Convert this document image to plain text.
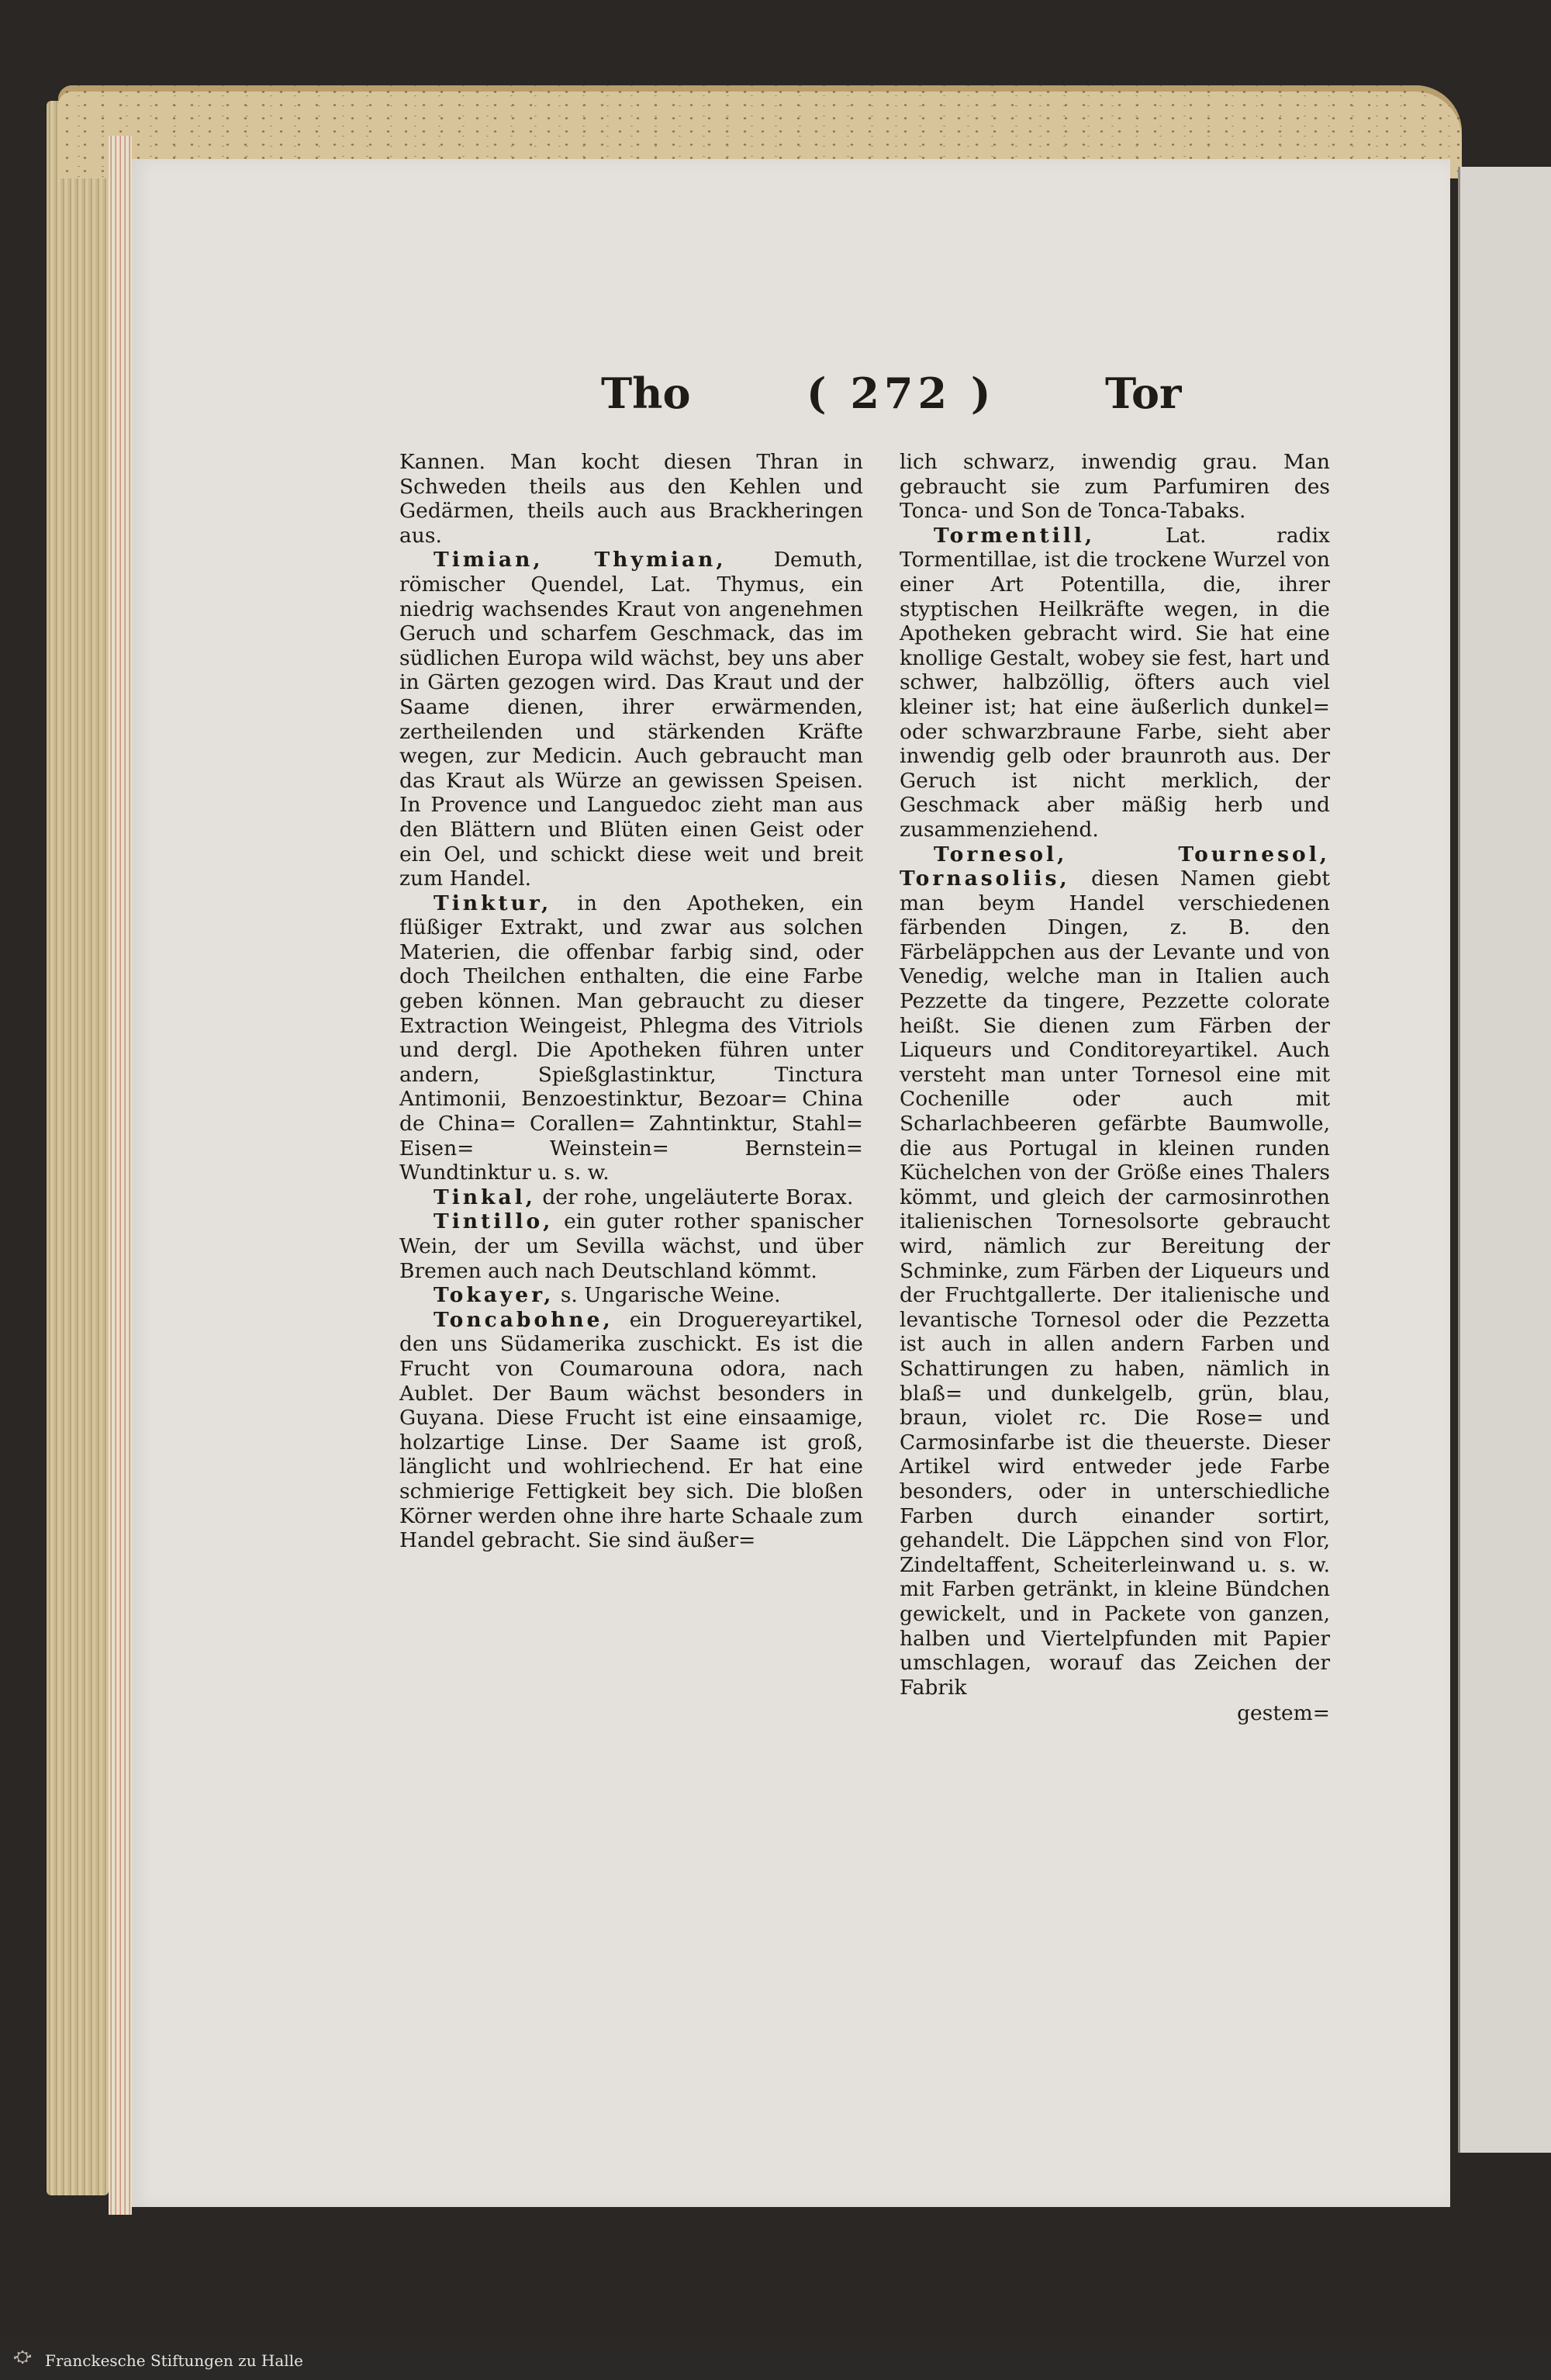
Tho	( 272 )	Tor

Kannen. Man kocht diesen Thran in Schweden theils aus den Kehlen und Gedärmen, theils auch aus Brackheringen aus.

Timian, Thymian, Demuth, römischer Quendel, Lat. Thymus, ein niedrig wachsendes Kraut von angenehmen Geruch und scharfem Geschmack, das im südlichen Europa wild wächst, bey uns aber in Gärten gezogen wird. Das Kraut und der Saame dienen, ihrer erwärmenden, zertheilenden und stärkenden Kräfte wegen, zur Medicin. Auch gebraucht man das Kraut als Würze an gewissen Speisen. In Provence und Languedoc zieht man aus den Blättern und Blüten einen Geist oder ein Oel, und schickt diese weit und breit zum Handel.

Tinktur, in den Apotheken, ein flüßiger Extrakt, und zwar aus solchen Materien, die offenbar farbig sind, oder doch Theilchen enthalten, die eine Farbe geben können. Man gebraucht zu dieser Extraction Weingeist, Phlegma des Vitriols und dergl. Die Apotheken führen unter andern, Spießglastinktur, Tinctura Antimonii, Benzoestinktur, Bezoar= China de China= Corallen= Zahntinktur, Stahl= Eisen= Weinstein= Bernstein= Wundtinktur u. s. w.

Tinkal, der rohe, ungeläuterte Borax.

Tintillo, ein guter rother spanischer Wein, der um Sevilla wächst, und über Bremen auch nach Deutschland kömmt.

Tokayer, s. Ungarische Weine.

Toncabohne, ein Droguereyartikel, den uns Südamerika zuschickt. Es ist die Frucht von Coumarouna odora, nach Aublet. Der Baum wächst besonders in Guyana. Diese Frucht ist eine einsaamige, holzartige Linse. Der Saame ist groß, länglicht und wohlriechend. Er hat eine schmierige Fettigkeit bey sich. Die bloßen Körner werden ohne ihre harte Schaale zum Handel gebracht. Sie sind äußer=

lich schwarz, inwendig grau. Man gebraucht sie zum Parfumiren des Tonca- und Son de Tonca-Tabaks.

Tormentill, Lat. radix Tormentillae, ist die trockene Wurzel von einer Art Potentilla, die, ihrer styptischen Heilkräfte wegen, in die Apotheken gebracht wird. Sie hat eine knollige Gestalt, wobey sie fest, hart und schwer, halbzöllig, öfters auch viel kleiner ist; hat eine äußerlich dunkel= oder schwarzbraune Farbe, sieht aber inwendig gelb oder braunroth aus. Der Geruch ist nicht merklich, der Geschmack aber mäßig herb und zusammenziehend.

Tornesol, Tournesol, Tornasoliis, diesen Namen giebt man beym Handel verschiedenen färbenden Dingen, z. B. den Färbeläppchen aus der Levante und von Venedig, welche man in Italien auch Pezzette da tingere, Pezzette colorate heißt. Sie dienen zum Färben der Liqueurs und Conditoreyartikel. Auch versteht man unter Tornesol eine mit Cochenille oder auch mit Scharlachbeeren gefärbte Baumwolle, die aus Portugal in kleinen runden Küchelchen von der Größe eines Thalers kömmt, und gleich der carmosinrothen italienischen Tornesolsorte gebraucht wird, nämlich zur Bereitung der Schminke, zum Färben der Liqueurs und der Fruchtgallerte. Der italienische und levantische Tornesol oder die Pezzetta ist auch in allen andern Farben und Schattirungen zu haben, nämlich in blaß= und dunkelgelb, grün, blau, braun, violet rc. Die Rose= und Carmosinfarbe ist die theuerste. Dieser Artikel wird entweder jede Farbe besonders, oder in unterschiedliche Farben durch einander sortirt, gehandelt. Die Läppchen sind von Flor, Zindeltaffent, Scheiterleinwand u. s. w. mit Farben getränkt, in kleine Bündchen gewickelt, und in Packete von ganzen, halben und Viertelpfunden mit Papier umschlagen, worauf das Zeichen der Fabrik

gestem=

⛮ Franckesche Stiftungen zu Halle
